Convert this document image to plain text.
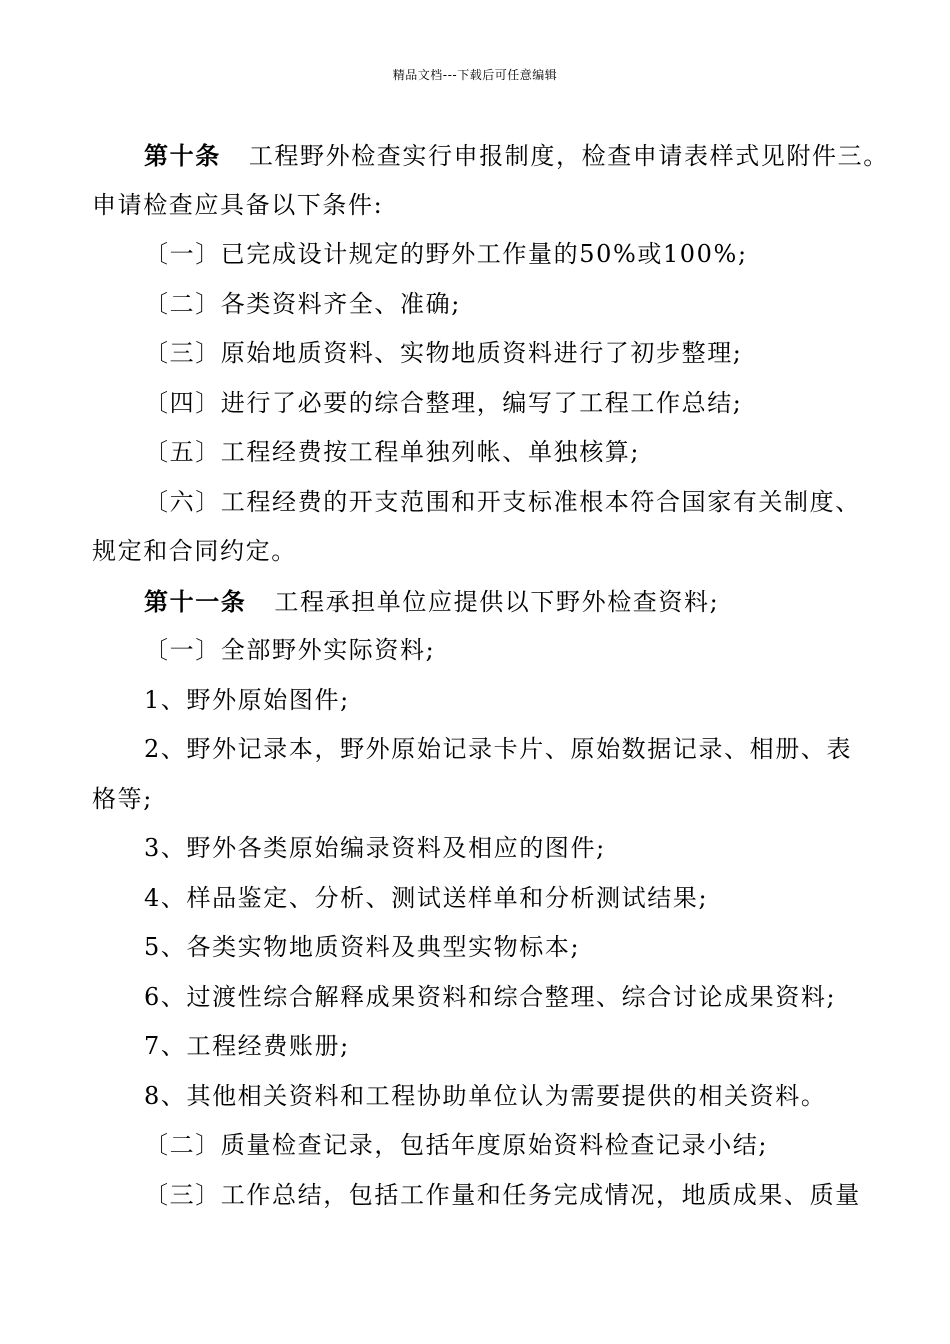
精品文档---下载后可任意编辑
第十条 工程野外检查实行申报制度，检查申请表样式见附件三。
申请检查应具备以下条件:
〔一〕已完成设计规定的野外工作量的50%或100%;
〔二〕各类资料齐全、准确;
〔三〕原始地质资料、实物地质资料进行了初步整理;
〔四〕进行了必要的综合整理，编写了工程工作总结;
〔五〕工程经费按工程单独列帐、单独核算;
〔六〕工程经费的开支范围和开支标准根本符合国家有关制度、
规定和合同约定。
第十一条 工程承担单位应提供以下野外检查资料;
〔一〕全部野外实际资料;
1、野外原始图件;
2、野外记录本，野外原始记录卡片、原始数据记录、相册、表
格等;
3、野外各类原始编录资料及相应的图件;
4、样品鉴定、分析、测试送样单和分析测试结果;
5、各类实物地质资料及典型实物标本;
6、过渡性综合解释成果资料和综合整理、综合讨论成果资料;
7、工程经费账册;
8、其他相关资料和工程协助单位认为需要提供的相关资料。
〔二〕质量检查记录，包括年度原始资料检查记录小结;
〔三〕工作总结，包括工作量和任务完成情况，地质成果、质量
